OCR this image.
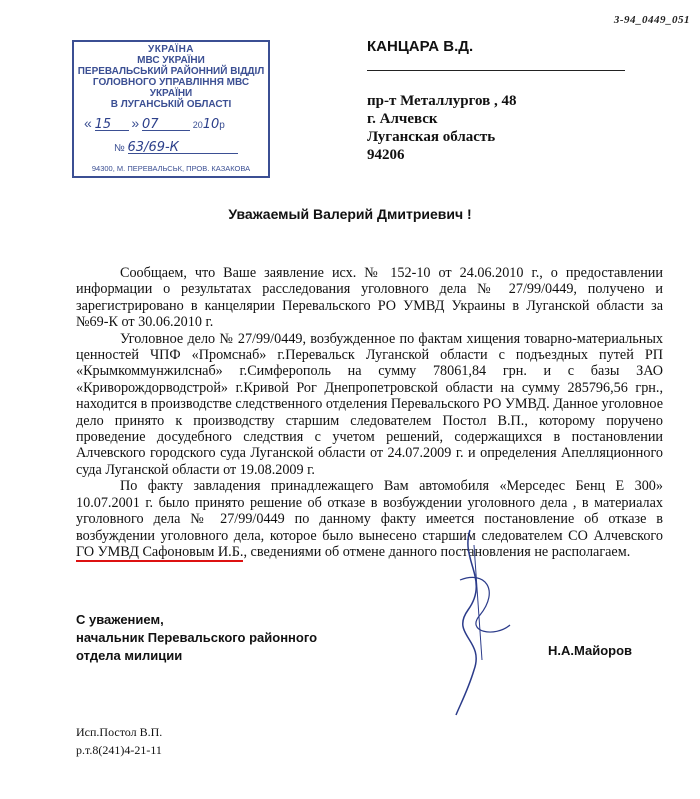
3-94_0449_051
УКРАЇНА
МВС УКРАЇНИ
ПЕРЕВАЛЬСЬКИЙ РАЙОННИЙ ВІДДІЛ
ГОЛОВНОГО УПРАВЛІННЯ МВС УКРАЇНИ
В ЛУГАНСЬКІЙ ОБЛАСТІ
« 15 » 07	2010р
№ 63/69-К
94300, М. ПЕРЕВАЛЬСЬК, ПРОВ. КАЗАКОВА
КАНЦАРА В.Д.
пр-т Металлургов , 48
г. Алчевск
Луганская область
94206
Уважаемый Валерий Дмитриевич !

Сообщаем, что Ваше заявление исх. № 152-10 от 24.06.2010 г., о предоставлении информации о результатах расследования уголовного дела № 27/99/0449, получено и зарегистрировано в канцелярии Перевальского РО УМВД Украины в Луганской области за №69-К от 30.06.2010 г.

Уголовное дело № 27/99/0449, возбужденное по фактам хищения товарно-материальных ценностей ЧПФ «Промснаб» г.Перевальск Луганской области с подъездных путей РП «Крымкоммунжилснаб» г.Симферополь на сумму 78061,84 грн. и с базы ЗАО «Криворождорводстрой» г.Кривой Рог Днепропетровской области на сумму 285796,56 грн., находится в производстве следственного отделения Перевальского РО УМВД. Данное уголовное дело принято к производству старшим следователем Постол В.П., которому поручено проведение досудебного следствия с учетом решений, содержащихся в постановлении Алчевского городского суда Луганской области от 24.07.2009 г. и определения Апелляционного суда Луганской области от 19.08.2009 г.

По факту завладения принадлежащего Вам автомобиля «Мерседес Бенц Е 300» 10.07.2001 г. было принято решение об отказе в возбуждении уголовного дела , в материалах уголовного дела № 27/99/0449 по данному факту имеется постановление об отказе в возбуждении уголовного дела, которое было вынесено старшим следователем СО Алчевского ГО УМВД Сафоновым И.Б., сведениями об отмене данного постановления не располагаем.

С уважением,
начальник Перевальского районного
отдела милиции	Н.А.Майоров
Исп.Постол В.П.
р.т.8(241)4-21-11
